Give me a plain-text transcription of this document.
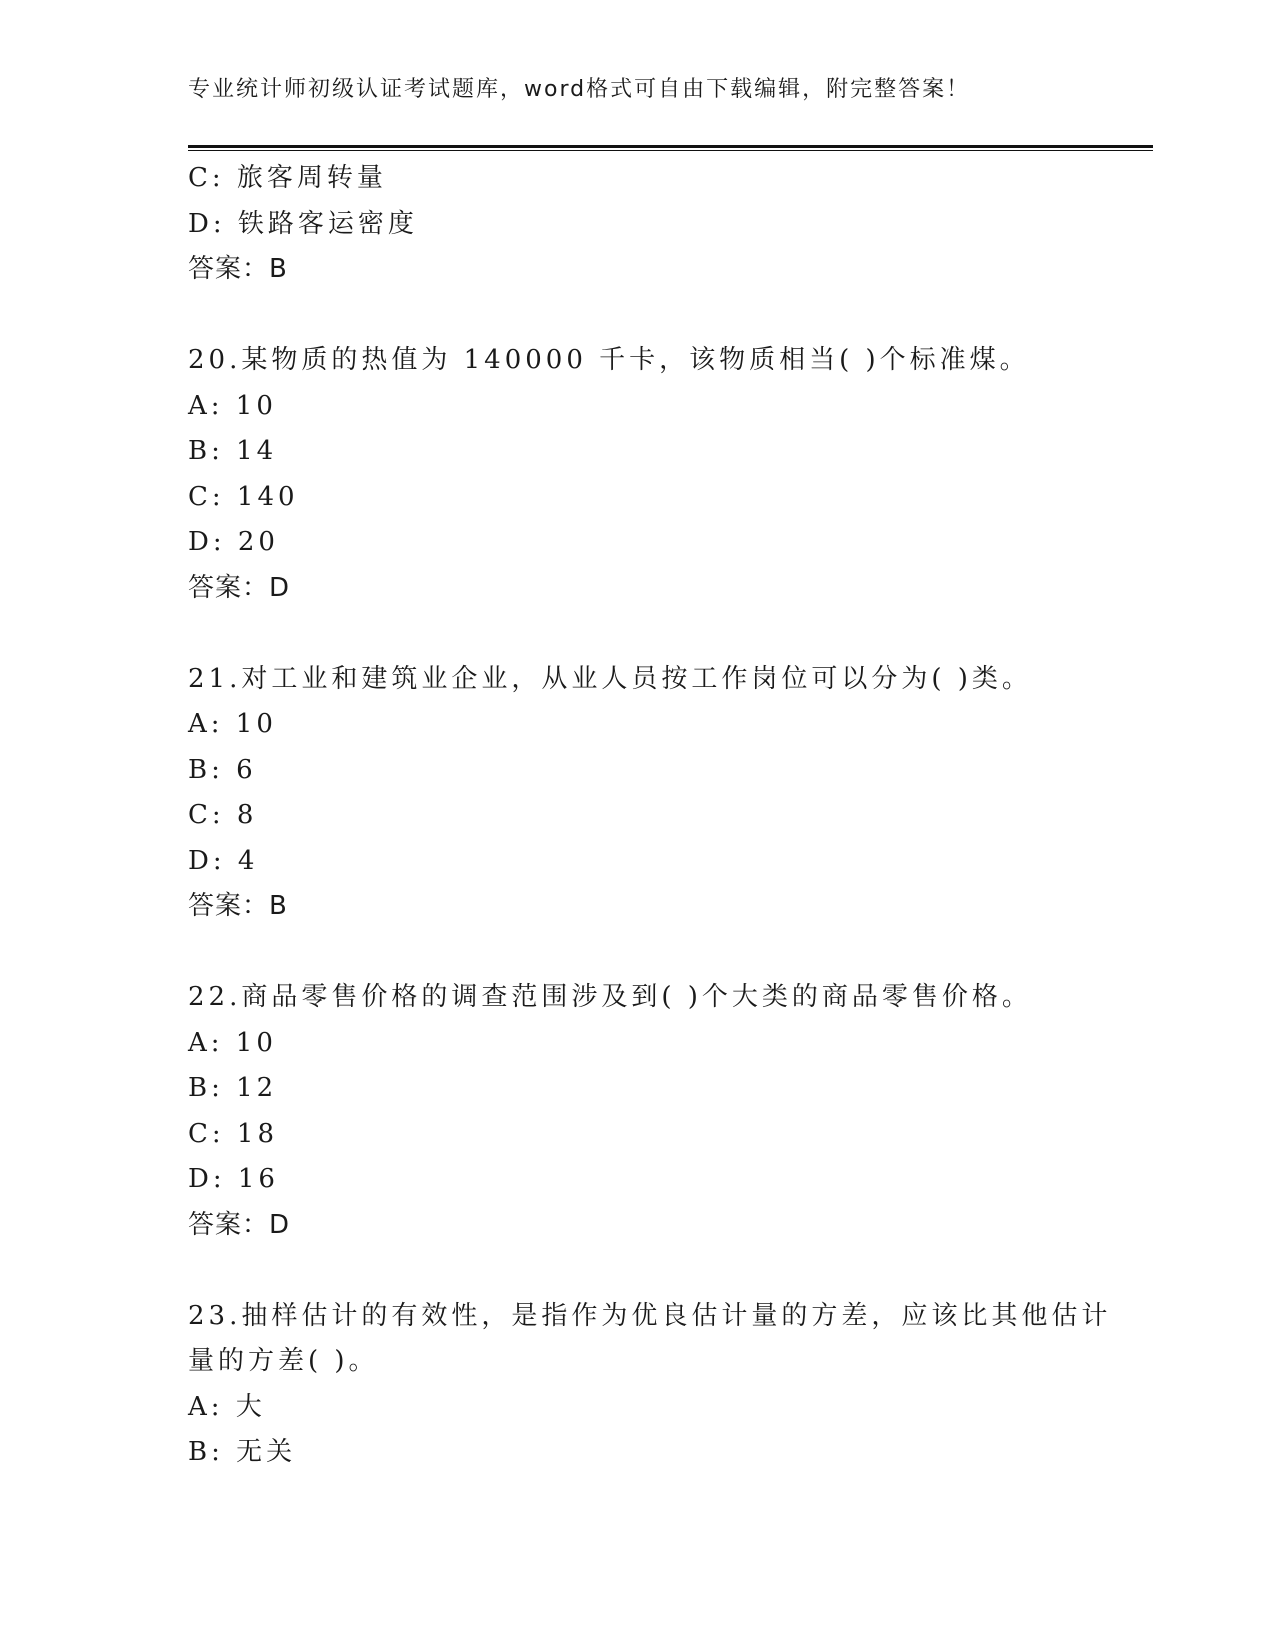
专业统计师初级认证考试题库，word格式可自由下载编辑，附完整答案！
C: 旅客周转量
D: 铁路客运密度
答案：B
20.某物质的热值为 140000 千卡，该物质相当( )个标准煤。
A: 10
B: 14
C: 140
D: 20
答案：D
21.对工业和建筑业企业，从业人员按工作岗位可以分为( )类。
A: 10
B: 6
C: 8
D: 4
答案：B
22.商品零售价格的调查范围涉及到( )个大类的商品零售价格。
A: 10
B: 12
C: 18
D: 16
答案：D
23.抽样估计的有效性，是指作为优良估计量的方差，应该比其他估计
量的方差( )。
A: 大
B: 无关
